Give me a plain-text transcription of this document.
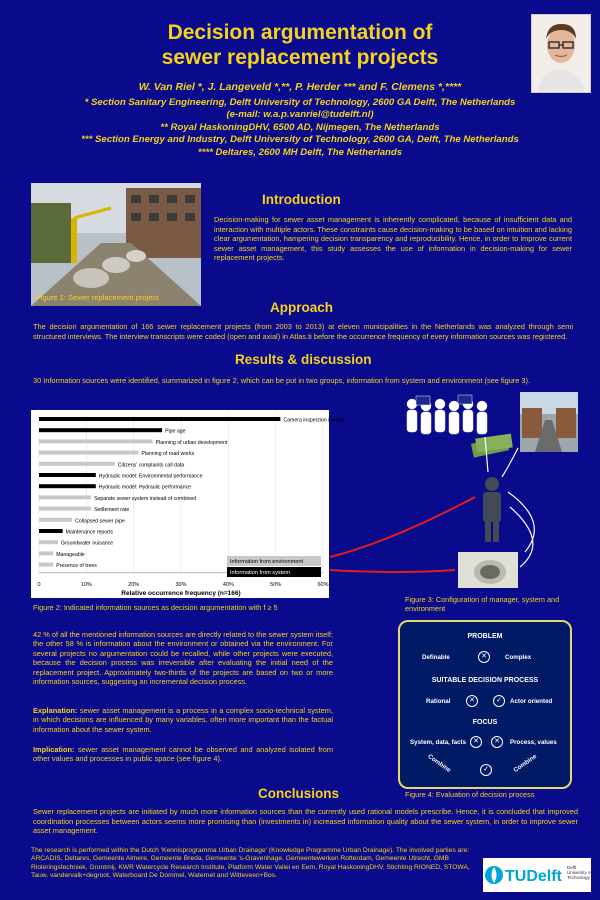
Decision argumentation of
sewer replacement projects
W. Van Riel *, J. Langeveld *,**, P. Herder *** and F. Clemens *,****
* Section Sanitary Engineering, Delft University of Technology, 2600 GA Delft, The Netherlands
(e-mail: w.a.p.vanriel@tudelft.nl)
** Royal HaskoningDHV, 6500 AD, Nijmegen, The Netherlands
*** Section Energy and Industry, Delft University of Technology, 2600 GA, Delft, The Netherlands
**** Deltares, 2600 MH Delft, The Netherlands
Figure 1: Sewer replacement project
Introduction
Decision-making for sewer asset management is inherently complicated, because of insufficient data and interaction with multiple actors. These constraints cause decision-making to be based on intuition and lacking clear argumentation, hampering decision transparency and reproducibility. Hence, in order to improve current sewer asset management, this study assesses the use of information in decision-making for sewer replacement projects.
Approach
The decision argumentation of 166 sewer replacement projects (from 2003 to 2013) at eleven municipalities in the Netherlands was analyzed through semi structured interviews. The interview transcripts were coded (open and axial) in Atlas.ti before the occurrence frequency of every information sources was registered.
Results & discussion
30 Information sources were identified, summarized in figure 2, which can be put in two groups, information from system and environment (see figure 3).
0	10%	20%	30%	40%	50%	60%
Camera inspection images
Pipe age
Planning of urban development
Planning of road works
Citizens' complaints call data
Hydraulic model: Environmental performance
Hydraulic model: Hydraulic performance
Separate sewer system instead of combined
Settlement rate
Collapsed sewer pipe
Maintenance reports
Groundwater nuisance
Manageable
Presence of trees
Information from environment
Information from system
Relative occurrence frequency (n=166)
Figure 2: Indicated information sources as decision argumentation with f ≥ 5
Figure 3: Configuration of manager, system and environment
42 % of all the mentioned information sources are directly related to the sewer system itself; the other 58 % is information about the environment or obtained via the environment. For several projects no argumentation could be recalled, while other projects were executed, because the decision process was irreversible after evaluating the initial need of the replacement project. Approximately two-thirds of the projects are based on two or more information sources, suggesting an incremental decision process.
Explanation: sewer asset management is a process in a complex socio-technical system, in which decisions are influenced by many variables, often more important than the factual information about the sewer system.
Implication: sewer asset management cannot be observed and analyzed isolated from other values and processes in public space (see figure 4).
PROBLEM
Definable	✕	Complex
SUITABLE DECISION PROCESS
Rational	✕	✓	Actor oriented
FOCUS
System, data, facts	✕	✕	Process, values
Combine	✓	Combine
Figure 4: Evaluation of decision process
Conclusions
Sewer replacement projects are initiated by much more information sources than the currently used rational models prescribe. Hence, it is concluded that improved coordination processes between actors seems more promising than (investments in) increased information quality about the sewer system, in order to improve sewer asset management.
The research is performed within the Dutch 'Kennisprogramma Urban Drainage' (Knowledge Programme Urban Drainage). The involved parties are: ARCADIS, Deltares, Gemeente Almere, Gemeente Breda, Gemeente 's-Gravenhage, Gemeentewerken Rotterdam, Gemeente Utrecht, GMB Rioleringstechniek, Grontmij, KWR Watercycle Research Institute, Platform Water Vallei en Eem, Royal HaskoningDHV, Stichting RIONED, STOWA, Tauw, vandervalk+degroot, Waterboard De Dommel, Waternet and Witteveen+Bos.	TUDelft
Delft
University of
Technology
